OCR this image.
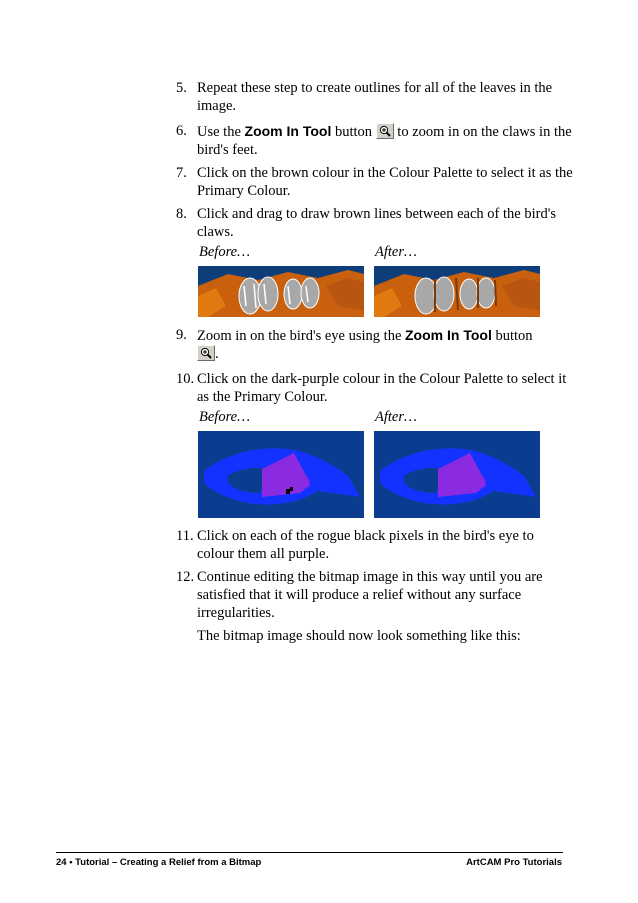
5. Repeat these step to create outlines for all of the leaves in the image.
6. Use the Zoom In Tool button to zoom in on the claws in the bird's feet.
7. Click on the brown colour in the Colour Palette to select it as the Primary Colour.
8. Click and drag to draw brown lines between each of the bird's claws.
Before…	After…
9. Zoom in on the bird's eye using the Zoom In Tool button

.
10. Click on the dark-purple colour in the Colour Palette to select it as the Primary Colour.
Before…	After…
11. Click on each of the rogue black pixels in the bird's eye to colour them all purple.
12. Continue editing the bitmap image in this way until you are satisfied that it will produce a relief without any surface irregularities.
The bitmap image should now look something like this:
24 • Tutorial – Creating a Relief from a Bitmap	ArtCAM Pro Tutorials
